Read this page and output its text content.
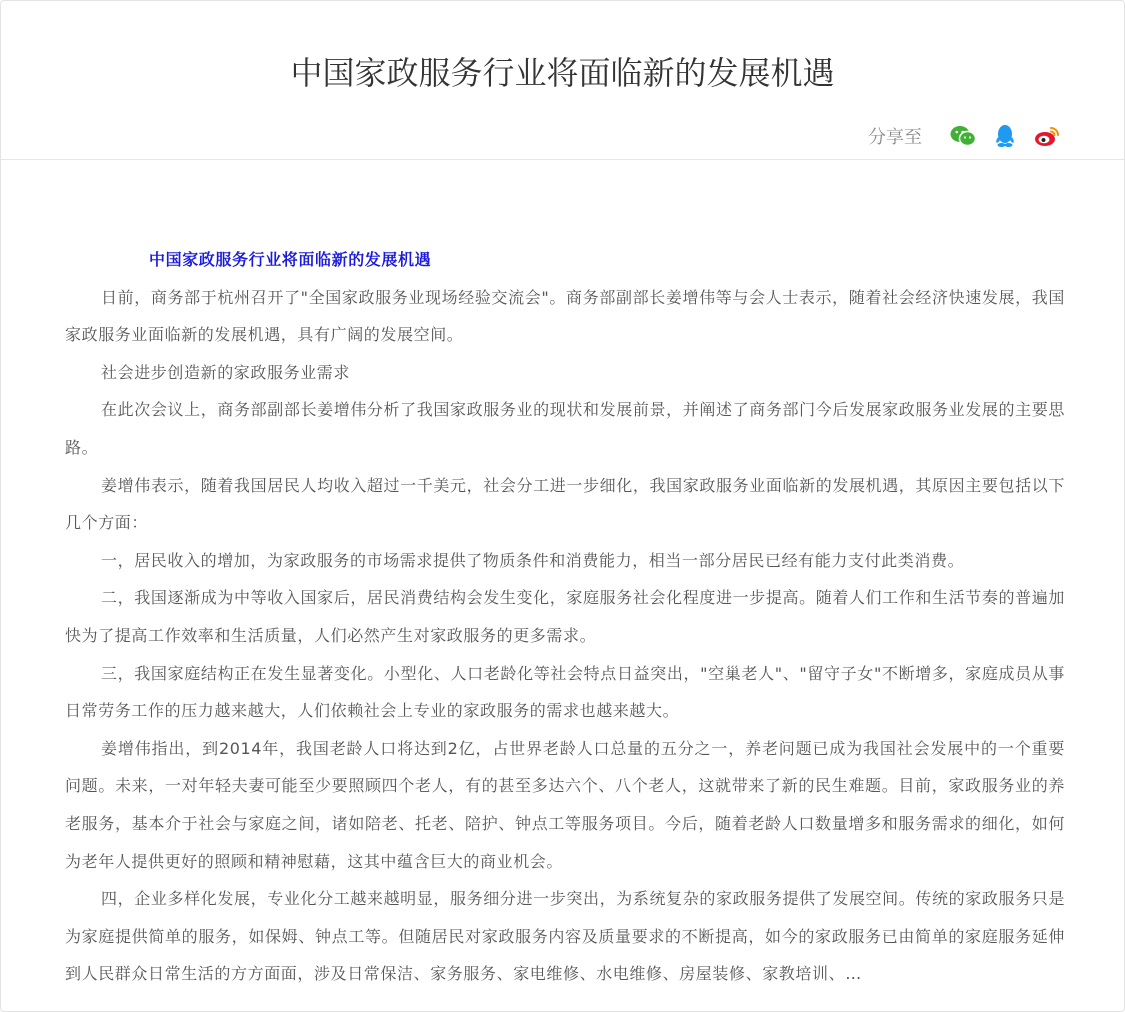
中国家政服务行业将面临新的发展机遇
分享至

中国家政服务行业将面临新的发展机遇

日前，商务部于杭州召开了"全国家政服务业现场经验交流会"。商务部副部长姜增伟等与会人士表示，随着社会经济快速发展，我国家政服务业面临新的发展机遇，具有广阔的发展空间。

社会进步创造新的家政服务业需求

在此次会议上，商务部副部长姜增伟分析了我国家政服务业的现状和发展前景，并阐述了商务部门今后发展家政服务业发展的主要思路。

姜增伟表示，随着我国居民人均收入超过一千美元，社会分工进一步细化，我国家政服务业面临新的发展机遇，其原因主要包括以下几个方面：

一，居民收入的增加，为家政服务的市场需求提供了物质条件和消费能力，相当一部分居民已经有能力支付此类消费。

二，我国逐渐成为中等收入国家后，居民消费结构会发生变化，家庭服务社会化程度进一步提高。随着人们工作和生活节奏的普遍加快为了提高工作效率和生活质量，人们必然产生对家政服务的更多需求。

三，我国家庭结构正在发生显著变化。小型化、人口老龄化等社会特点日益突出，"空巢老人"、"留守子女"不断增多，家庭成员从事日常劳务工作的压力越来越大，人们依赖社会上专业的家政服务的需求也越来越大。

姜增伟指出，到2014年，我国老龄人口将达到2亿，占世界老龄人口总量的五分之一，养老问题已成为我国社会发展中的一个重要问题。未来，一对年轻夫妻可能至少要照顾四个老人，有的甚至多达六个、八个老人，这就带来了新的民生难题。目前，家政服务业的养老服务，基本介于社会与家庭之间，诸如陪老、托老、陪护、钟点工等服务项目。今后，随着老龄人口数量增多和服务需求的细化，如何为老年人提供更好的照顾和精神慰藉，这其中蕴含巨大的商业机会。

四，企业多样化发展，专业化分工越来越明显，服务细分进一步突出，为系统复杂的家政服务提供了发展空间。传统的家政服务只是为家庭提供简单的服务，如保姆、钟点工等。但随居民对家政服务内容及质量要求的不断提高，如今的家政服务已由简单的家庭服务延伸到人民群众日常生活的方方面面，涉及日常保洁、家务服务、家电维修、水电维修、房屋装修、家教培训、…
